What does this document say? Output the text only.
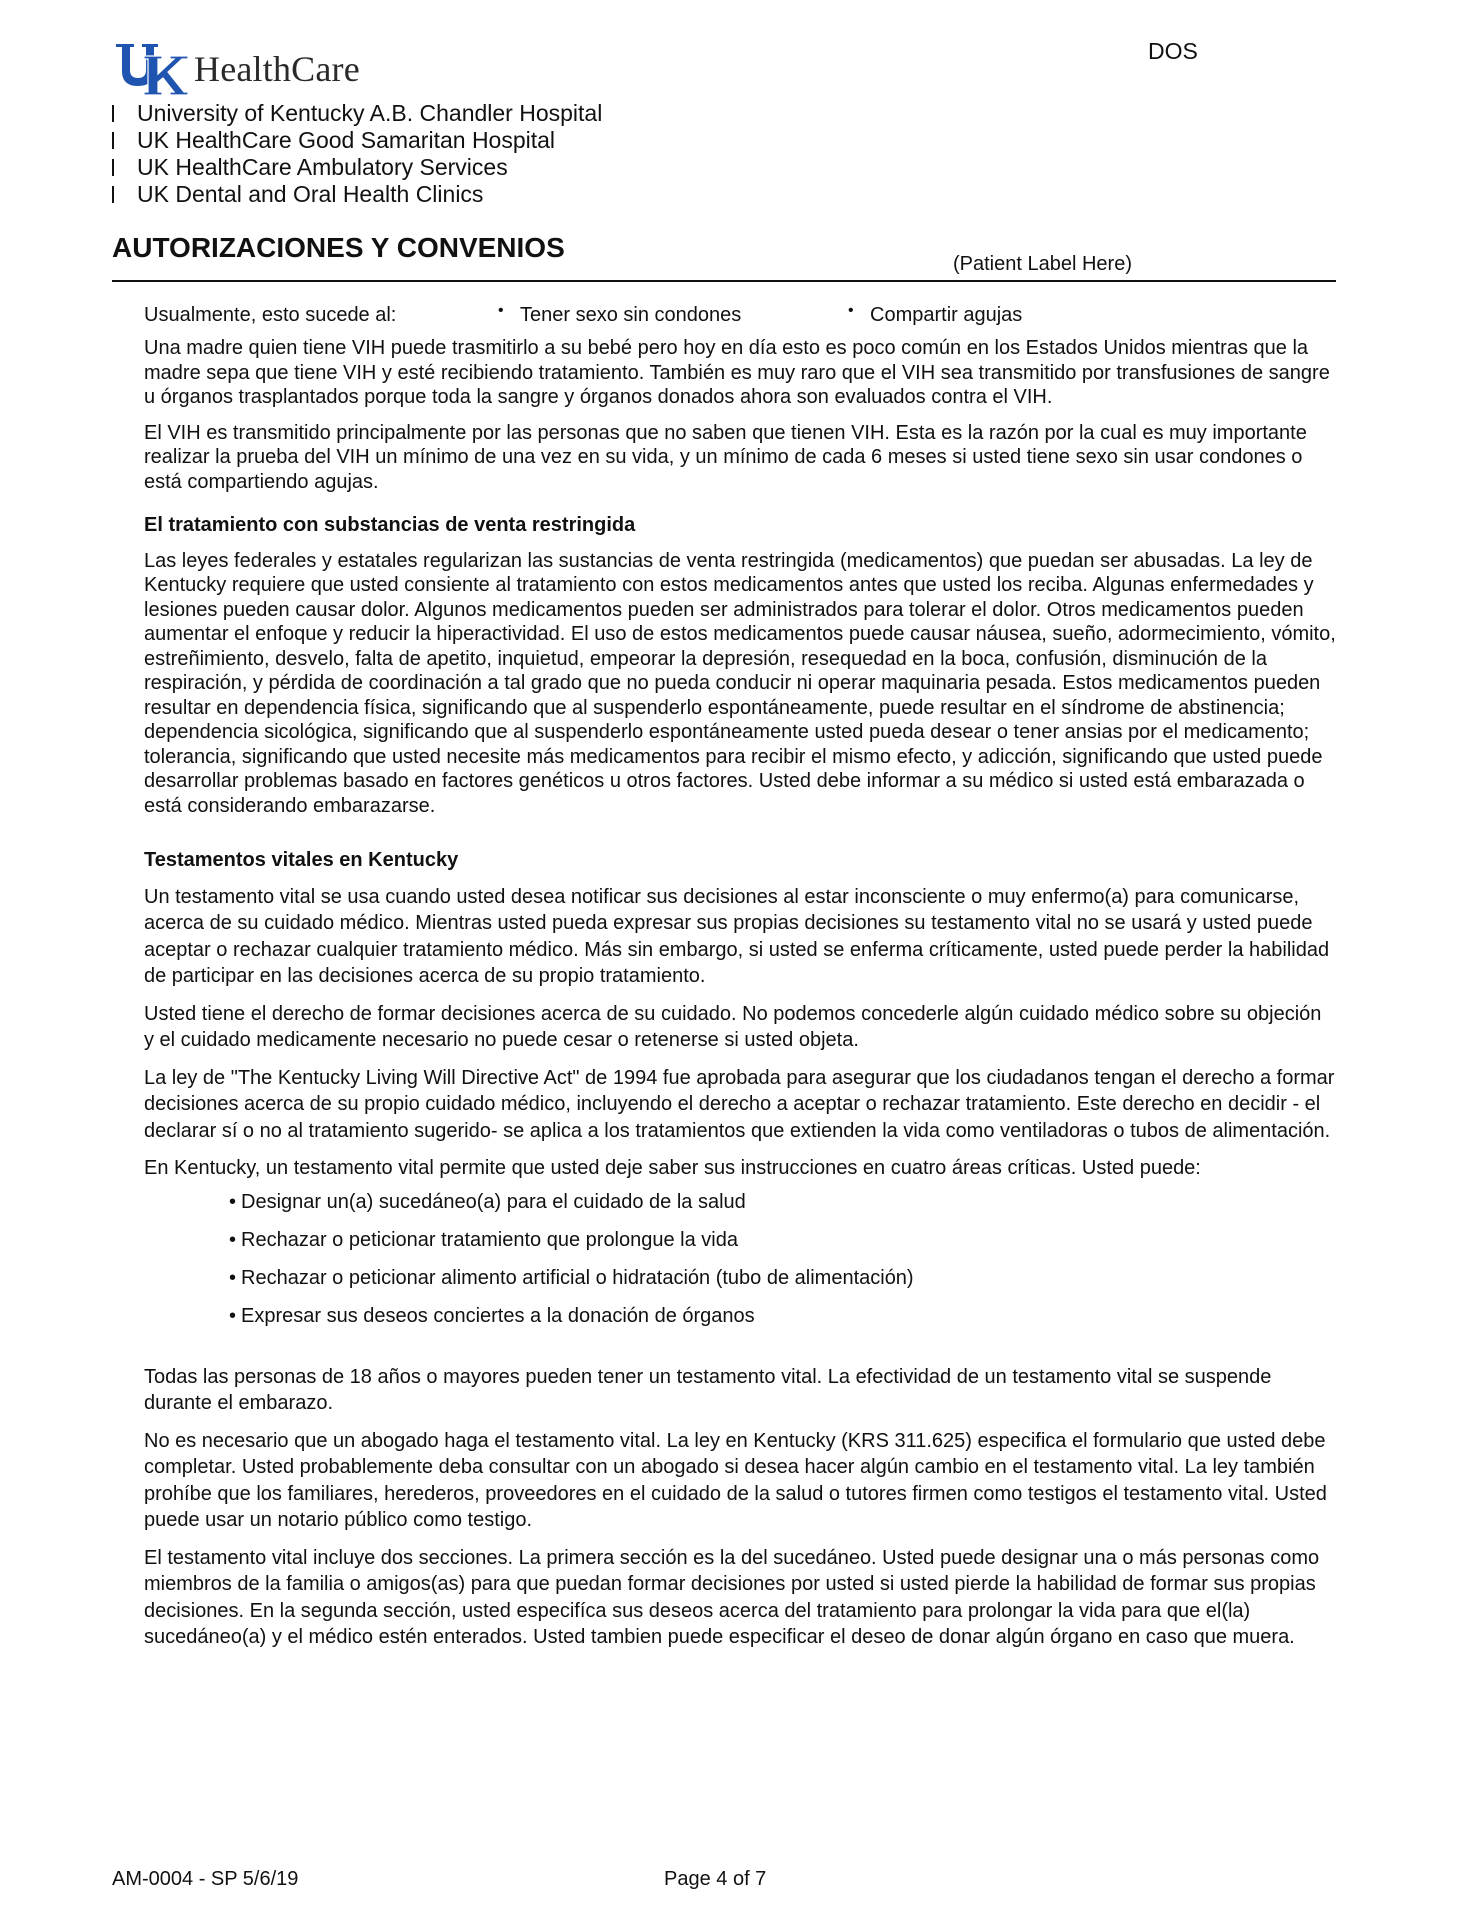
HealthCare	DOS
University of Kentucky A.B. Chandler Hospital
UK HealthCare Good Samaritan Hospital
UK HealthCare Ambulatory Services
UK Dental and Oral Health Clinics
AUTORIZACIONES Y CONVENIOS
(Patient Label Here)
Usualmente, esto sucede al:	• Tener sexo sin condones	• Compartir agujas

Una madre quien tiene VIH puede trasmitirlo a su bebé pero hoy en día esto es poco común en los Estados Unidos mientras que la madre sepa que tiene VIH y esté recibiendo tratamiento. También es muy raro que el VIH sea transmitido por transfusiones de sangre u órganos trasplantados porque toda la sangre y órganos donados ahora son evaluados contra el VIH.

El VIH es transmitido principalmente por las personas que no saben que tienen VIH. Esta es la razón por la cual es muy importante realizar la prueba del VIH un mínimo de una vez en su vida, y un mínimo de cada 6 meses si usted tiene sexo sin usar condones o está compartiendo agujas.

El tratamiento con substancias de venta restringida

Las leyes federales y estatales regularizan las sustancias de venta restringida (medicamentos) que puedan ser abusadas. La ley de Kentucky requiere que usted consiente al tratamiento con estos medicamentos antes que usted los reciba. Algunas enfermedades y lesiones pueden causar dolor. Algunos medicamentos pueden ser administrados para tolerar el dolor. Otros medicamentos pueden aumentar el enfoque y reducir la hiperactividad. El uso de estos medicamentos puede causar náusea, sueño, adormecimiento, vómito, estreñimiento, desvelo, falta de apetito, inquietud, empeorar la depresión, resequedad en la boca, confusión, disminución de la respiración, y pérdida de coordinación a tal grado que no pueda conducir ni operar maquinaria pesada. Estos medicamentos pueden resultar en dependencia física, significando que al suspenderlo espontáneamente, puede resultar en el síndrome de abstinencia; dependencia sicológica, significando que al suspenderlo espontáneamente usted pueda desear o tener ansias por el medicamento; tolerancia, significando que usted necesite más medicamentos para recibir el mismo efecto, y adicción, significando que usted puede desarrollar problemas basado en factores genéticos u otros factores. Usted debe informar a su médico si usted está embarazada o está considerando embarazarse.

Testamentos vitales en Kentucky

Un testamento vital se usa cuando usted desea notificar sus decisiones al estar inconsciente o muy enfermo(a) para comunicarse, acerca de su cuidado médico. Mientras usted pueda expresar sus propias decisiones su testamento vital no se usará y usted puede aceptar o rechazar cualquier tratamiento médico. Más sin embargo, si usted se enferma críticamente, usted puede perder la habilidad de participar en las decisiones acerca de su propio tratamiento.

Usted tiene el derecho de formar decisiones acerca de su cuidado. No podemos concederle algún cuidado médico sobre su objeción y el cuidado medicamente necesario no puede cesar o retenerse si usted objeta.

La ley de "The Kentucky Living Will Directive Act" de 1994 fue aprobada para asegurar que los ciudadanos tengan el derecho a formar decisiones acerca de su propio cuidado médico, incluyendo el derecho a aceptar o rechazar tratamiento. Este derecho en decidir - el declarar sí o no al tratamiento sugerido- se aplica a los tratamientos que extienden la vida como ventiladoras o tubos de alimentación.

En Kentucky, un testamento vital permite que usted deje saber sus instrucciones en cuatro áreas críticas. Usted puede:

• Designar un(a) sucedáneo(a) para el cuidado de la salud
• Rechazar o peticionar tratamiento que prolongue la vida
• Rechazar o peticionar alimento artificial o hidratación (tubo de alimentación)
• Expresar sus deseos conciertes a la donación de órganos

Todas las personas de 18 años o mayores pueden tener un testamento vital. La efectividad de un testamento vital se suspende durante el embarazo.

No es necesario que un abogado haga el testamento vital. La ley en Kentucky (KRS 311.625) especifica el formulario que usted debe completar. Usted probablemente deba consultar con un abogado si desea hacer algún cambio en el testamento vital. La ley también prohíbe que los familiares, herederos, proveedores en el cuidado de la salud o tutores firmen como testigos el testamento vital. Usted puede usar un notario público como testigo.

El testamento vital incluye dos secciones. La primera sección es la del sucedáneo. Usted puede designar una o más personas como miembros de la familia o amigos(as) para que puedan formar decisiones por usted si usted pierde la habilidad de formar sus propias decisiones. En la segunda sección, usted especifíca sus deseos acerca del tratamiento para prolongar la vida para que el(la) sucedáneo(a) y el médico estén enterados. Usted tambien puede especificar el deseo de donar algún órgano en caso que muera.

AM-0004 - SP 5/6/19	Page 4 of 7
